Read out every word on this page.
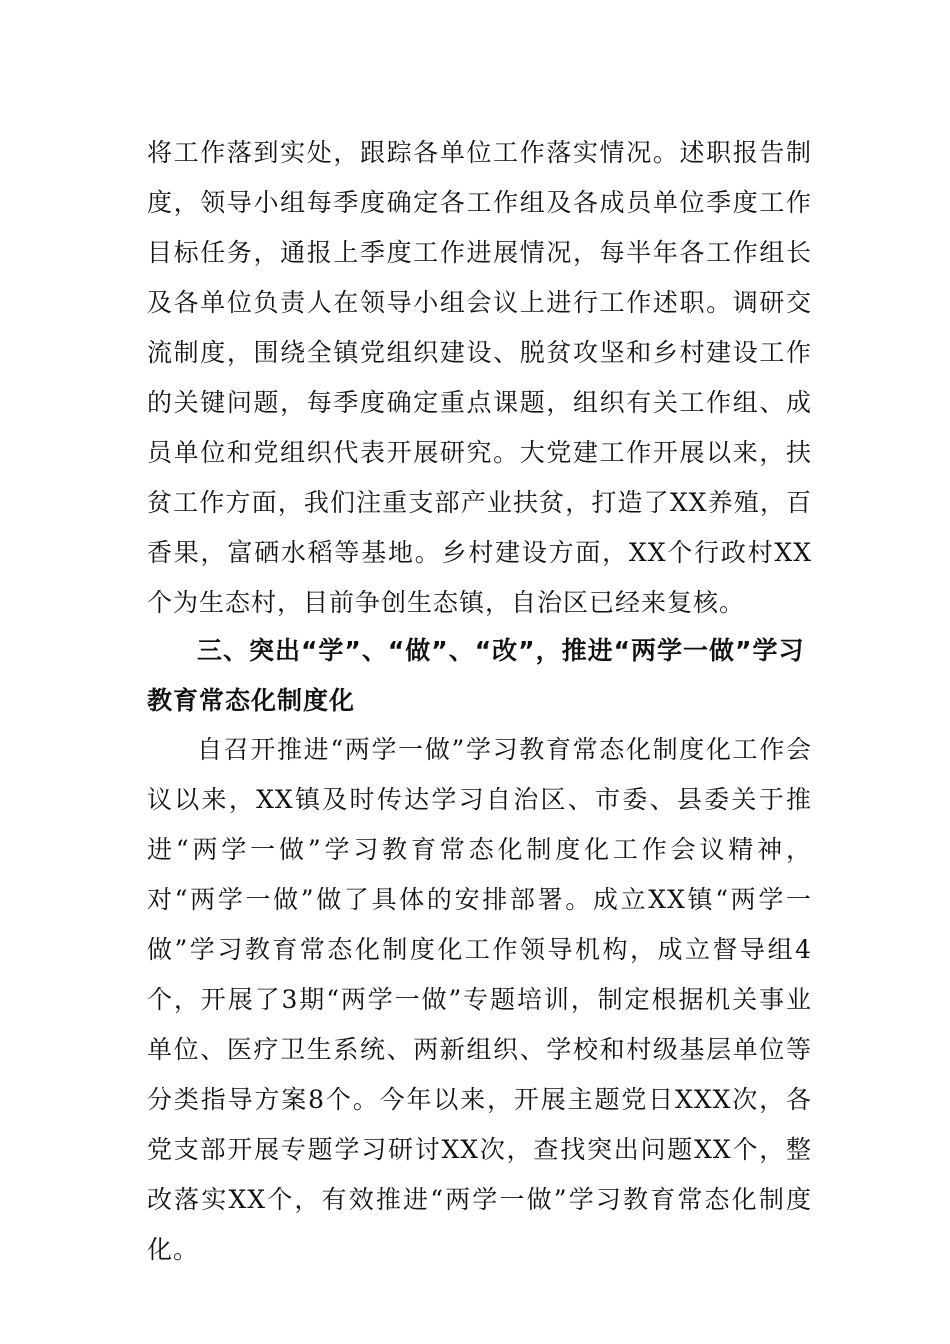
将工作落到实处，跟踪各单位工作落实情况。述职报告制度，领导小组每季度确定各工作组及各成员单位季度工作目标任务，通报上季度工作进展情况，每半年各工作组长及各单位负责人在领导小组会议上进行工作述职。调研交流制度，围绕全镇党组织建设、脱贫攻坚和乡村建设工作的关键问题，每季度确定重点课题，组织有关工作组、成员单位和党组织代表开展研究。大党建工作开展以来，扶贫工作方面，我们注重支部产业扶贫，打造了XX养殖，百香果，富硒水稻等基地。乡村建设方面，XX个行政村XX个为生态村，目前争创生态镇，自治区已经来复核。

三、突出“学”、“做”、“改”，推进“两学一做”学习教育常态化制度化

自召开推进“两学一做”学习教育常态化制度化工作会议以来，XX镇及时传达学习自治区、市委、县委关于推进“两学一做”学习教育常态化制度化工作会议精神，对“两学一做”做了具体的安排部署。成立XX镇“两学一做”学习教育常态化制度化工作领导机构，成立督导组4个，开展了3期“两学一做”专题培训，制定根据机关事业单位、医疗卫生系统、两新组织、学校和村级基层单位等分类指导方案8个。今年以来，开展主题党日XXX次，各党支部开展专题学习研讨XX次，查找突出问题XX个，整改落实XX个，有效推进“两学一做”学习教育常态化制度化。
